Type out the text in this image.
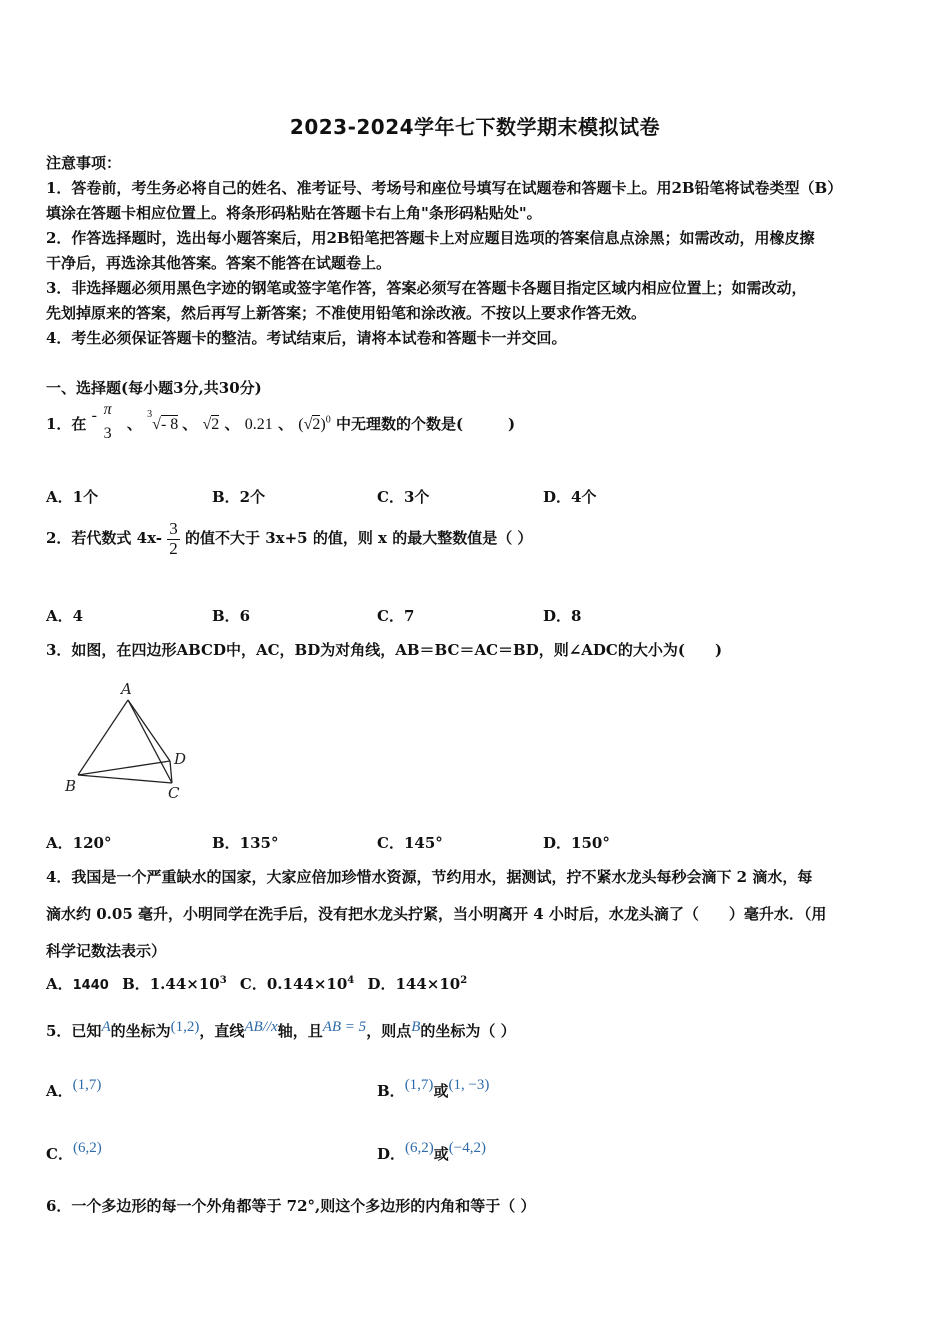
2023-2024学年七下数学期末模拟试卷
注意事项：
1．答卷前，考生务必将自己的姓名、准考证号、考场号和座位号填写在试题卷和答题卡上。用2B铅笔将试卷类型（B）
填涂在答题卡相应位置上。将条形码粘贴在答题卡右上角"条形码粘贴处"。
2．作答选择题时，选出每小题答案后，用2B铅笔把答题卡上对应题目选项的答案信息点涂黑；如需改动，用橡皮擦
干净后，再选涂其他答案。答案不能答在试题卷上。
3．非选择题必须用黑色字迹的钢笔或签字笔作答，答案必须写在答题卡各题目指定区域内相应位置上；如需改动，
先划掉原来的答案，然后再写上新答案；不准使用铅笔和涂改液。不按以上要求作答无效。
4．考生必须保证答题卡的整洁。考试结束后，请将本试卷和答题卡一并交回。
一、选择题(每小题3分,共30分)
1．在 - π
3
、 $^3$√- 8 、 √2 、 0.21 、 $(√2)^0$ 中无理数的个数是(　　　)
A．1个	B．2个	C．3个	D．4个
2．若代数式 $4x- \frac{3}{2}$ 的值不大于 3x+5 的值，则 x 的最大整数值是（ ）
A．4	B．6	C．7	D．8
3．如图，在四边形ABCD中，AC，BD为对角线，AB＝BC＝AC＝BD，则∠ADC的大小为(　　)
A
B	C
D
A．120°	B．135°	C．145°	D．150°
4．我国是一个严重缺水的国家，大家应倍加珍惜水资源，节约用水，据测试，拧不紧水龙头每秒会滴下 2 滴水，每
滴水约 0.05 毫升，小明同学在洗手后，没有把水龙头拧紧，当小明离开 4 小时后，水龙头滴了（　　）毫升水．（用
科学记数法表示）
A．1440 B．$1.44\times 10^3$ C．$0.144\times 10^4$ D．$144\times 10^2$
5．已知A的坐标为(1,2)，直线AB//x轴，且AB = 5，则点B的坐标为（ ）
A．(1,7)	B．(1,7)或(1, −3)
C．(6,2)	D．(6,2)或(−4,2)
6．一个多边形的每一个外角都等于 72°,则这个多边形的内角和等于（ ）
